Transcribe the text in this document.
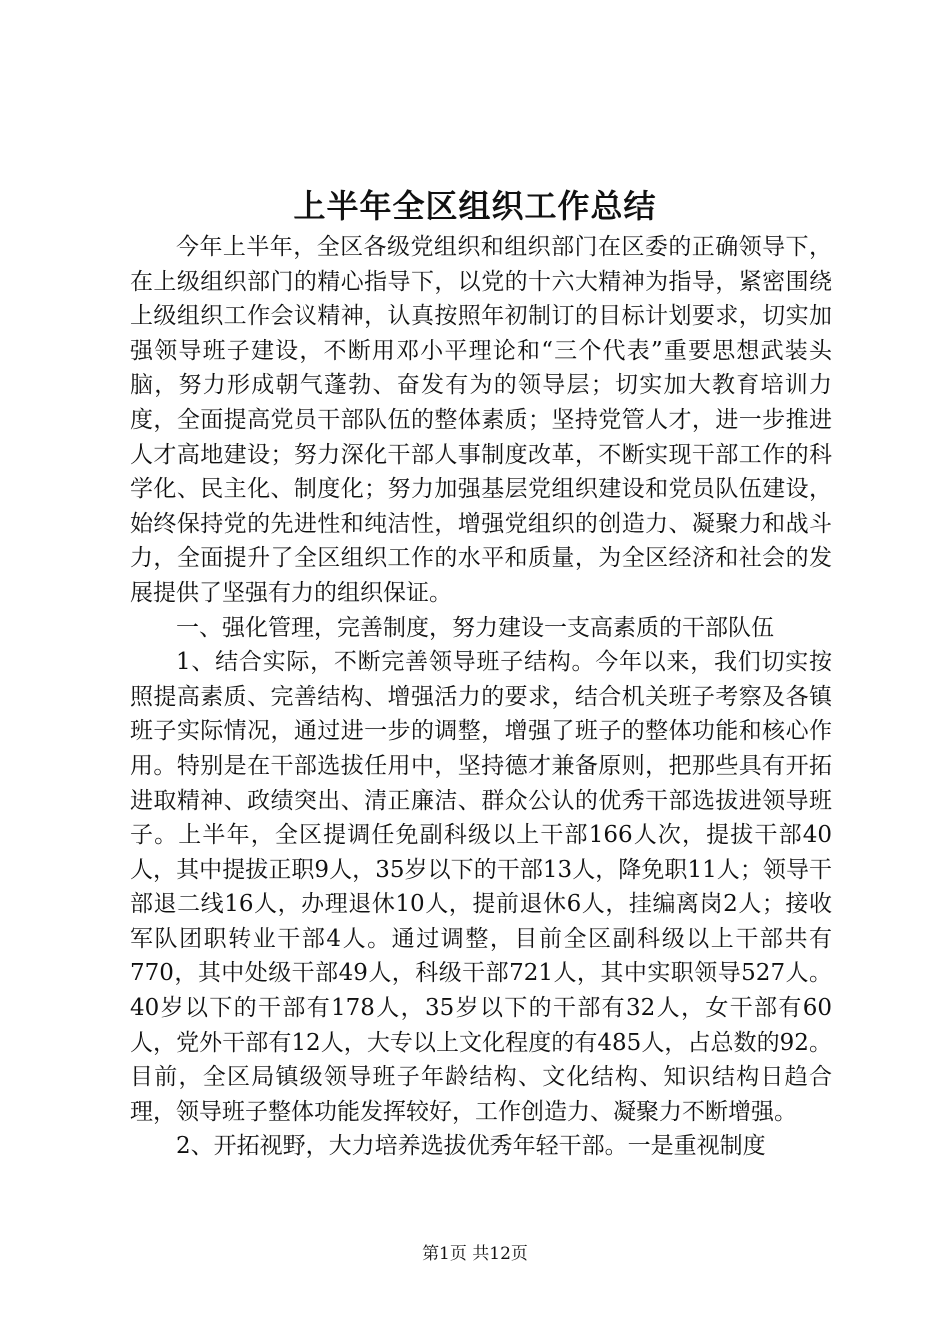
上半年全区组织工作总结

今年上半年，全区各级党组织和组织部门在区委的正确领导下，在上级组织部门的精心指导下，以党的十六大精神为指导，紧密围绕上级组织工作会议精神，认真按照年初制订的目标计划要求，切实加强领导班子建设，不断用邓小平理论和“三个代表”重要思想武装头脑，努力形成朝气蓬勃、奋发有为的领导层；切实加大教育培训力度，全面提高党员干部队伍的整体素质；坚持党管人才，进一步推进人才高地建设；努力深化干部人事制度改革，不断实现干部工作的科学化、民主化、制度化；努力加强基层党组织建设和党员队伍建设，始终保持党的先进性和纯洁性，增强党组织的创造力、凝聚力和战斗力，全面提升了全区组织工作的水平和质量，为全区经济和社会的发展提供了坚强有力的组织保证。

一、强化管理，完善制度，努力建设一支高素质的干部队伍

1、结合实际，不断完善领导班子结构。今年以来，我们切实按照提高素质、完善结构、增强活力的要求，结合机关班子考察及各镇班子实际情况，通过进一步的调整，增强了班子的整体功能和核心作用。特别是在干部选拔任用中，坚持德才兼备原则，把那些具有开拓进取精神、政绩突出、清正廉洁、群众公认的优秀干部选拔进领导班子。上半年，全区提调任免副科级以上干部166人次，提拔干部40人，其中提拔正职9人，35岁以下的干部13人，降免职11人；领导干部退二线16人，办理退休10人，提前退休6人，挂编离岗2人；接收军队团职转业干部4人。通过调整，目前全区副科级以上干部共有770，其中处级干部49人，科级干部721人，其中实职领导527人。40岁以下的干部有178人，35岁以下的干部有32人，女干部有60人，党外干部有12人，大专以上文化程度的有485人，占总数的92。目前，全区局镇级领导班子年龄结构、文化结构、知识结构日趋合理，领导班子整体功能发挥较好，工作创造力、凝聚力不断增强。

2、开拓视野，大力培养选拔优秀年轻干部。一是重视制度

第1页 共12页
